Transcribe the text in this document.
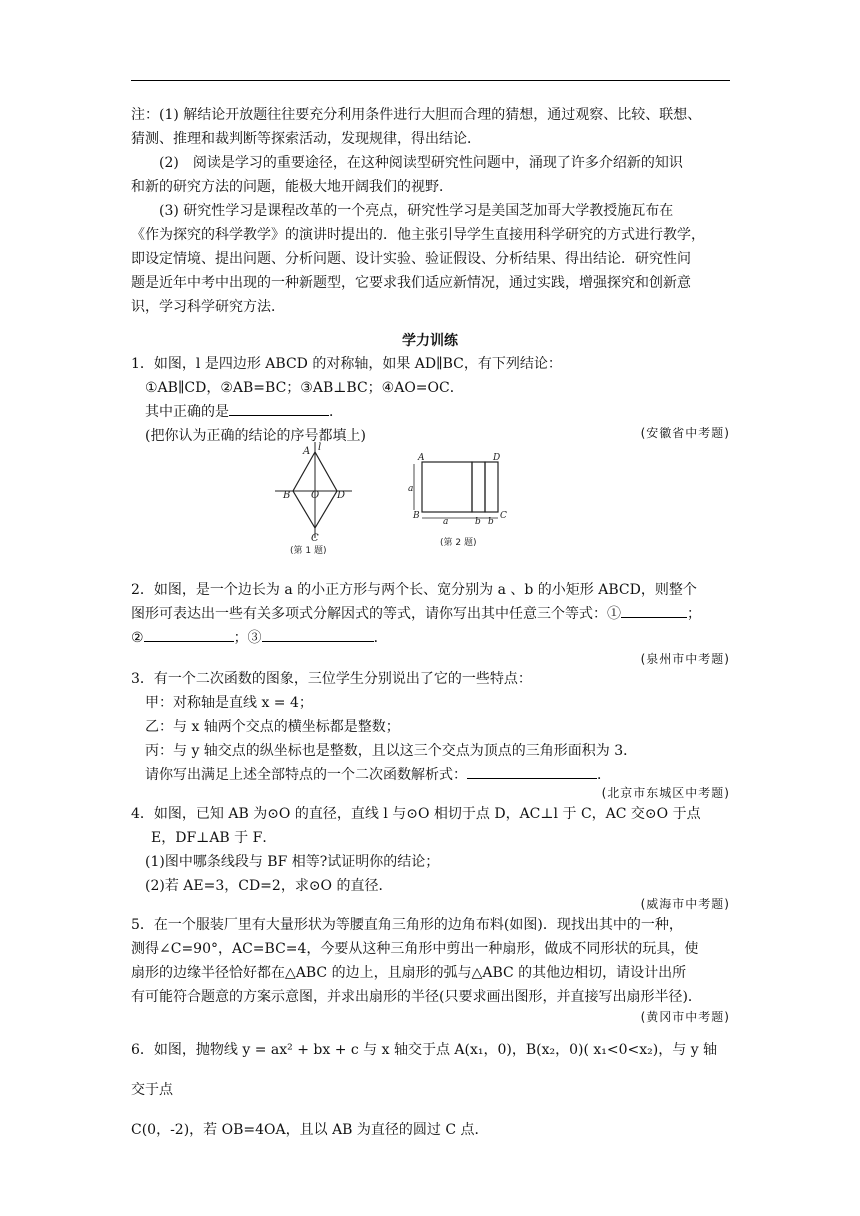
注：(1) 解结论开放题往往要充分利用条件进行大胆而合理的猜想，通过观察、比较、联想、

猜测、推理和裁判断等探索活动，发现规律，得出结论．

(2)　阅读是学习的重要途径，在这种阅读型研究性问题中，涌现了许多介绍新的知识

和新的研究方法的问题，能极大地开阔我们的视野．

(3) 研究性学习是课程改革的一个亮点，研究性学习是美国芝加哥大学教授施瓦布在

《作为探究的科学教学》的演讲时提出的．他主张引导学生直接用科学研究的方式进行教学，

即设定情境、提出问题、分析问题、设计实验、验证假设、分析结果、得出结论．研究性问

题是近年中考中出现的一种新题型，它要求我们适应新情况，通过实践，增强探究和创新意

识，学习科学研究方法．

学力训练

1．如图，l 是四边形 ABCD 的对称轴，如果 AD∥BC，有下列结论：

①AB∥CD，②AB=BC；③AB⊥BC；④AO=OC．

其中正确的是	．

(把你认为正确的结论的序号都填上)	(安徽省中考题)
A l
B O D
C
(第 1 题)
a
a	b b
A	D
B	C
(第 2 题)

2．如图，是一个边长为 a 的小正方形与两个长、宽分别为 a 、b 的小矩形 ABCD，则整个

图形可表达出一些有关多项式分解因式的等式，请你写出其中任意三个等式：①	；

②	；③	．

(泉州市中考题)

3．有一个二次函数的图象，三位学生分别说出了它的一些特点：

甲：对称轴是直线 x = 4；

乙：与 x 轴两个交点的横坐标都是整数；

丙：与 y 轴交点的纵坐标也是整数，且以这三个交点为顶点的三角形面积为 3．

请你写出满足上述全部特点的一个二次函数解析式：	．

(北京市东城区中考题)

4．如图，已知 AB 为⊙O 的直径，直线 l 与⊙O 相切于点 D，AC⊥l 于 C，AC 交⊙O 于点

E，DF⊥AB 于 F．

(1)图中哪条线段与 BF 相等?试证明你的结论；

(2)若 AE=3，CD=2，求⊙O 的直径．

(威海市中考题)

5．在一个服装厂里有大量形状为等腰直角三角形的边角布料(如图)．现找出其中的一种，

测得∠C=90°，AC=BC=4，今要从这种三角形中剪出一种扇形，做成不同形状的玩具，使

扇形的边缘半径恰好都在△ABC 的边上，且扇形的弧与△ABC 的其他边相切，请设计出所

有可能符合题意的方案示意图，并求出扇形的半径(只要求画出图形，并直接写出扇形半径)．

(黄冈市中考题)

6．如图，抛物线 y = ax² + bx + c 与 x 轴交于点 A(x₁，0)，B(x₂，0)( x₁<0<x₂)，与 y 轴交于点

C(0，-2)，若 OB=4OA，且以 AB 为直径的圆过 C 点．
